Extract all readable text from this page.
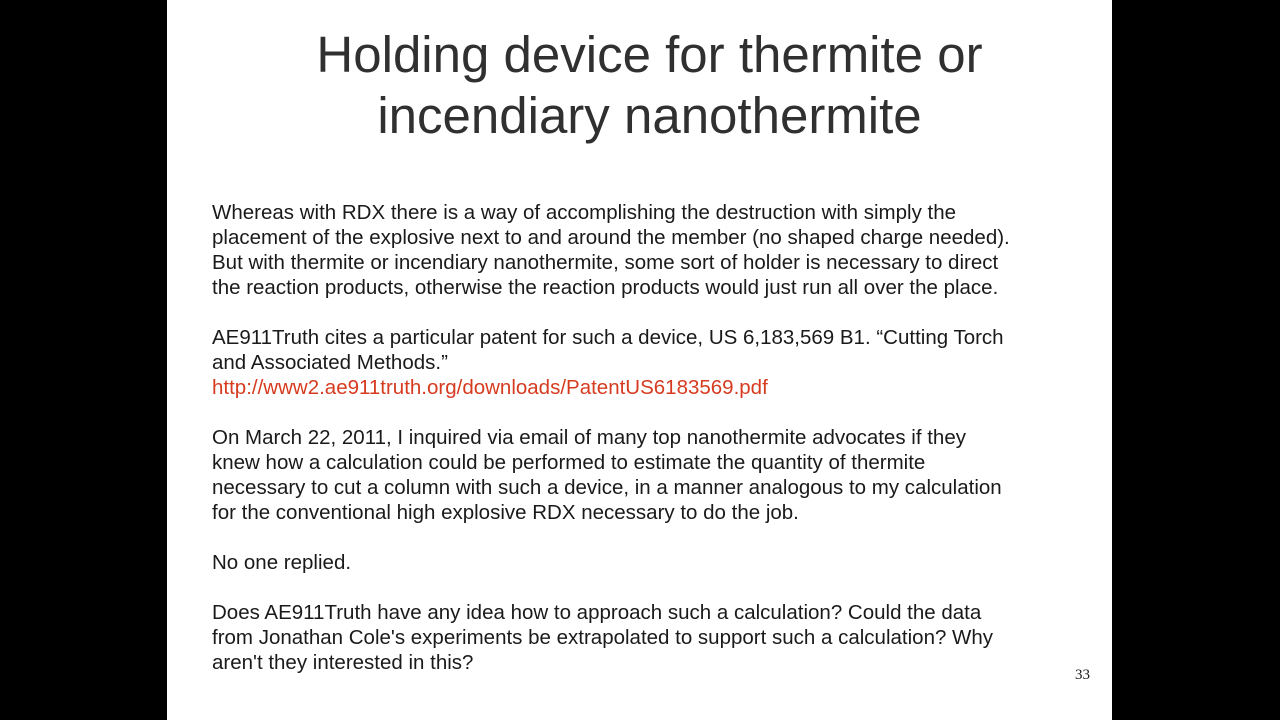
Holding device for thermite or
incendiary nanothermite

Whereas with RDX there is a way of accomplishing the destruction with simply the
placement of the explosive next to and around the member (no shaped charge needed).
But with thermite or incendiary nanothermite, some sort of holder is necessary to direct
the reaction products, otherwise the reaction products would just run all over the place.

AE911Truth cites a particular patent for such a device, US 6,183,569 B1. “Cutting Torch
and Associated Methods.”
http://www2.ae911truth.org/downloads/PatentUS6183569.pdf

On March 22, 2011, I inquired via email of many top nanothermite advocates if they
knew how a calculation could be performed to estimate the quantity of thermite
necessary to cut a column with such a device, in a manner analogous to my calculation
for the conventional high explosive RDX necessary to do the job.

No one replied.

Does AE911Truth have any idea how to approach such a calculation? Could the data
from Jonathan Cole's experiments be extrapolated to support such a calculation? Why
aren't they interested in this?

33
